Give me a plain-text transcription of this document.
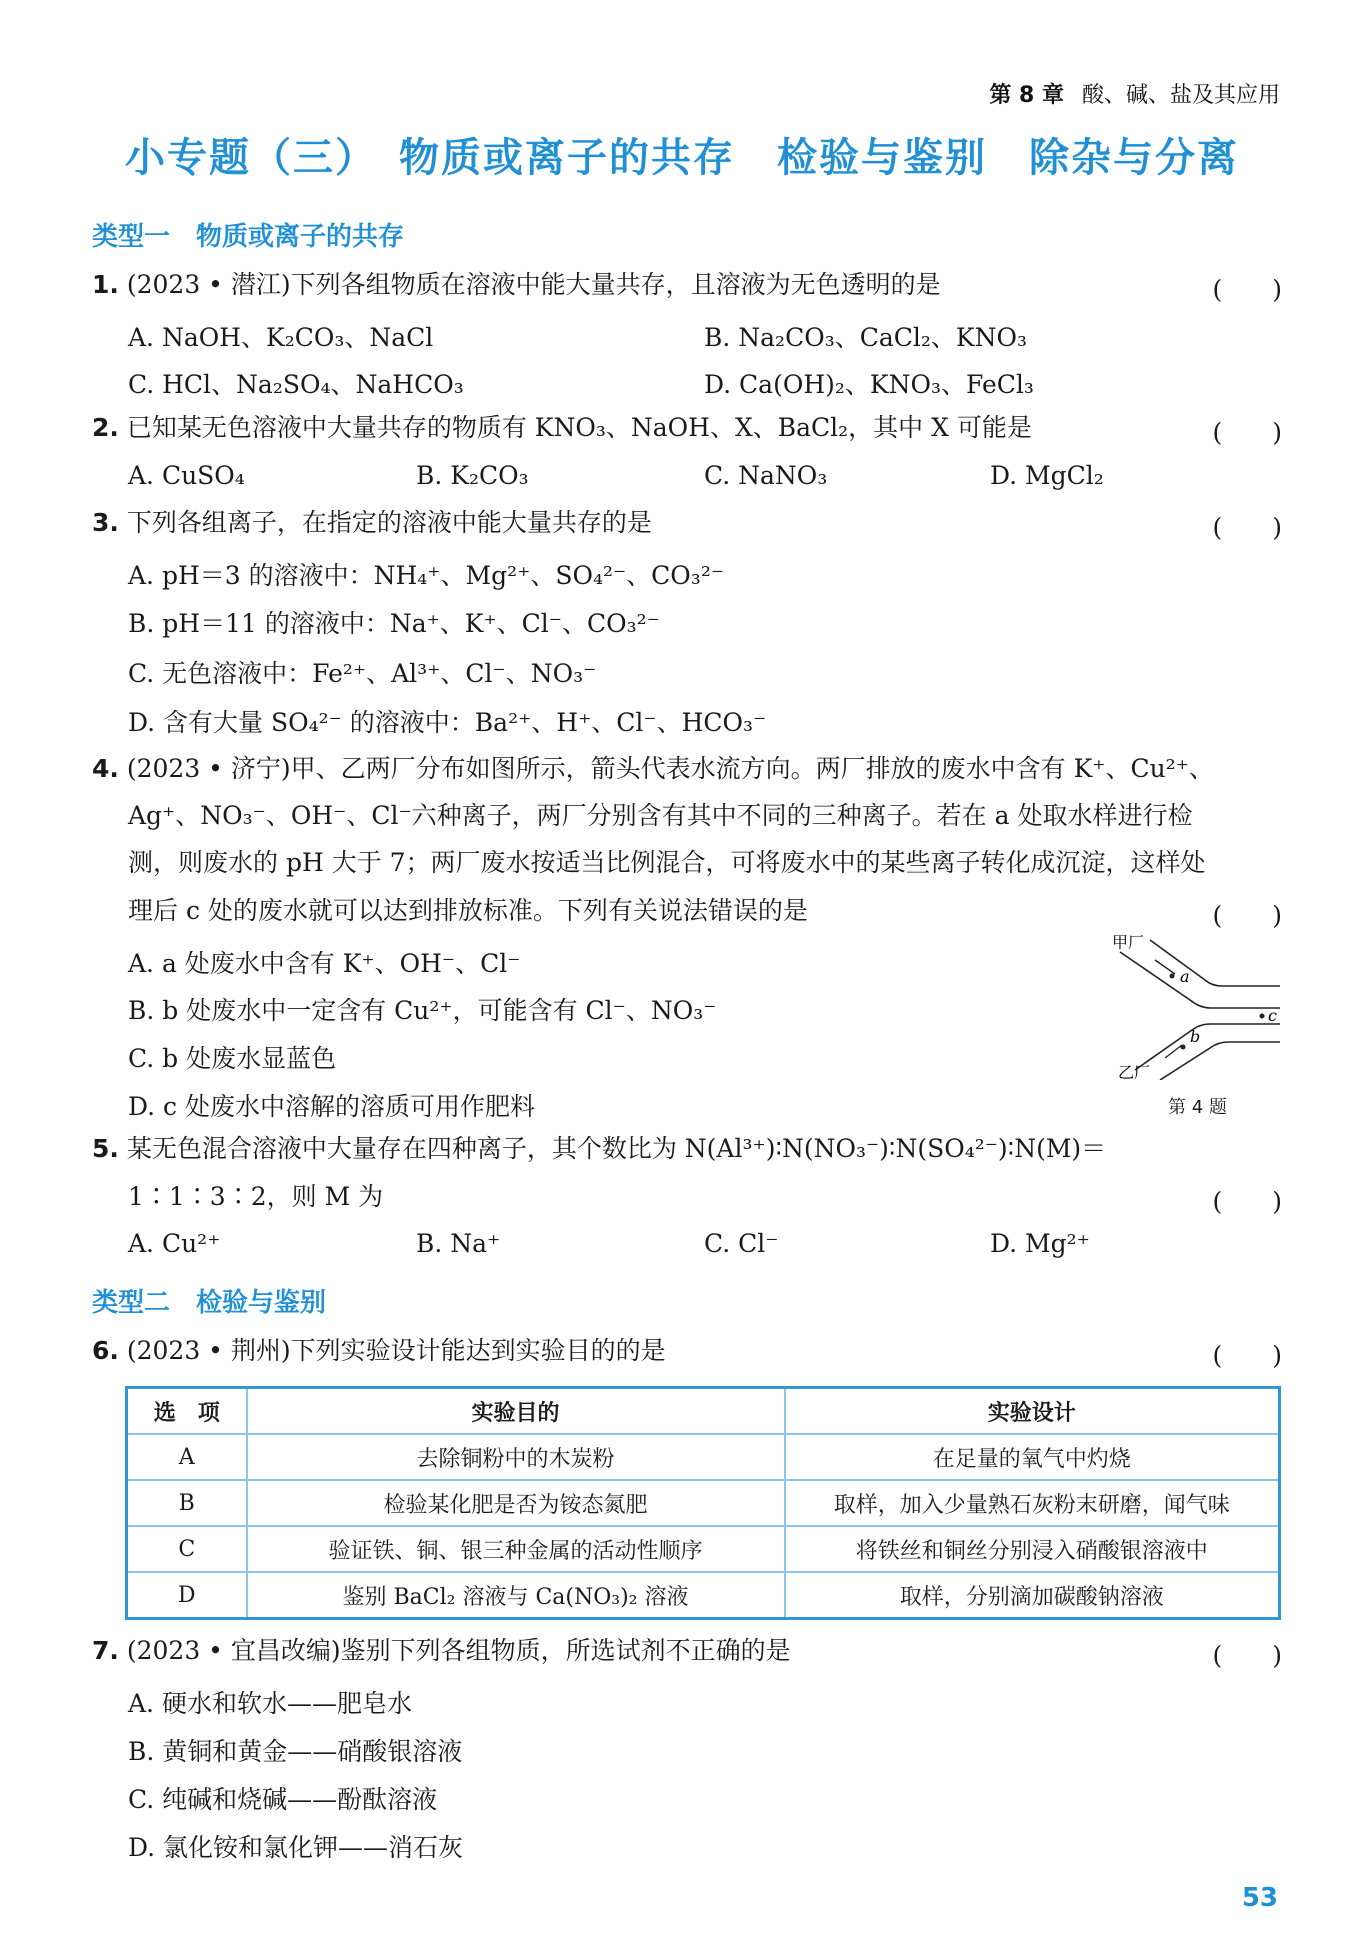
第 8 章 酸、碱、盐及其应用
小专题（三）　物质或离子的共存　检验与鉴别　除杂与分离
类型一　物质或离子的共存
1. (2023 • 潜江)下列各组物质在溶液中能大量共存，且溶液为无色透明的是	(　　)
A. NaOH、K₂CO₃、NaCl	B. Na₂CO₃、CaCl₂、KNO₃
C. HCl、Na₂SO₄、NaHCO₃	D. Ca(OH)₂、KNO₃、FeCl₃
2. 已知某无色溶液中大量共存的物质有 KNO₃、NaOH、X、BaCl₂，其中 X 可能是	(　　)
A. CuSO₄	B. K₂CO₃	C. NaNO₃	D. MgCl₂
3. 下列各组离子，在指定的溶液中能大量共存的是	(　　)
A. pH＝3 的溶液中：NH₄⁺、Mg²⁺、SO₄²⁻、CO₃²⁻
B. pH＝11 的溶液中：Na⁺、K⁺、Cl⁻、CO₃²⁻
C. 无色溶液中：Fe²⁺、Al³⁺、Cl⁻、NO₃⁻
D. 含有大量 SO₄²⁻ 的溶液中：Ba²⁺、H⁺、Cl⁻、HCO₃⁻
4. (2023 • 济宁)甲、乙两厂分布如图所示，箭头代表水流方向。两厂排放的废水中含有 K⁺、Cu²⁺、
Ag⁺、NO₃⁻、OH⁻、Cl⁻六种离子，两厂分别含有其中不同的三种离子。若在 a 处取水样进行检
测，则废水的 pH 大于 7；两厂废水按适当比例混合，可将废水中的某些离子转化成沉淀，这样处
理后 c 处的废水就可以达到排放标准。下列有关说法错误的是	(　　)
A. a 处废水中含有 K⁺、OH⁻、Cl⁻
B. b 处废水中一定含有 Cu²⁺，可能含有 Cl⁻、NO₃⁻
C. b 处废水显蓝色
D. c 处废水中溶解的溶质可用作肥料
甲厂
a
b
c
乙厂
第 4 题
5. 某无色混合溶液中大量存在四种离子，其个数比为 N(Al³⁺)∶N(NO₃⁻)∶N(SO₄²⁻)∶N(M)＝
1∶1∶3∶2，则 M 为	(　　)
A. Cu²⁺	B. Na⁺	C. Cl⁻	D. Mg²⁺
类型二　检验与鉴别
6. (2023 • 荆州)下列实验设计能达到实验目的的是	(　　)
选　项	实验目的	实验设计
A	去除铜粉中的木炭粉	在足量的氧气中灼烧
B	检验某化肥是否为铵态氮肥	取样，加入少量熟石灰粉末研磨，闻气味
C	验证铁、铜、银三种金属的活动性顺序	将铁丝和铜丝分别浸入硝酸银溶液中
D	鉴别 BaCl₂ 溶液与 Ca(NO₃)₂ 溶液	取样，分别滴加碳酸钠溶液
7. (2023 • 宜昌改编)鉴别下列各组物质，所选试剂不正确的是	(　　)
A. 硬水和软水——肥皂水
B. 黄铜和黄金——硝酸银溶液
C. 纯碱和烧碱——酚酞溶液
D. 氯化铵和氯化钾——消石灰
53
